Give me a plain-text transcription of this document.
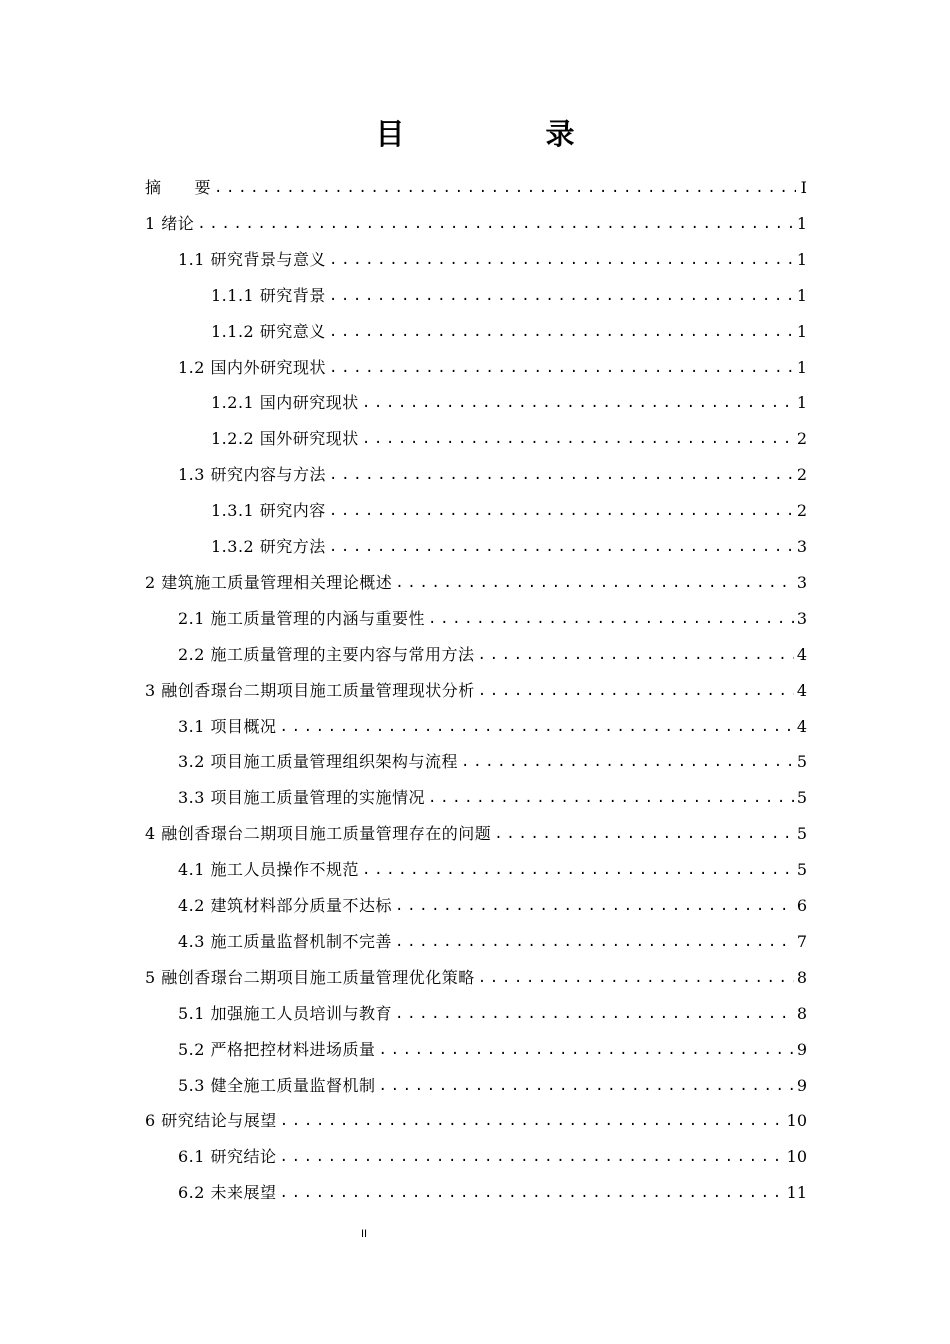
目　录
摘　　要 .....	I
1 绪论 .....	1
1.1 研究背景与意义 .....	1
1.1.1 研究背景 .....	1
1.1.2 研究意义 .....	1
1.2 国内外研究现状 .....	1
1.2.1 国内研究现状 .....	1
1.2.2 国外研究现状 .....	2
1.3 研究内容与方法 .....	2
1.3.1 研究内容 .....	2
1.3.2 研究方法 .....	3
2 建筑施工质量管理相关理论概述 .....	3
2.1 施工质量管理的内涵与重要性 .....	3
2.2 施工质量管理的主要内容与常用方法 .....	4
3 融创香璟台二期项目施工质量管理现状分析 .....	4
3.1 项目概况 .....	4
3.2 项目施工质量管理组织架构与流程 .....	5
3.3 项目施工质量管理的实施情况 .....	5
4 融创香璟台二期项目施工质量管理存在的问题 .....	5
4.1 施工人员操作不规范 .....	5
4.2 建筑材料部分质量不达标 .....	6
4.3 施工质量监督机制不完善 .....	7
5 融创香璟台二期项目施工质量管理优化策略 .....	8
5.1 加强施工人员培训与教育 .....	8
5.2 严格把控材料进场质量 .....	9
5.3 健全施工质量监督机制 .....	9
6 研究结论与展望 .....	10
6.1 研究结论 .....	10
6.2 未来展望 .....	11
II
